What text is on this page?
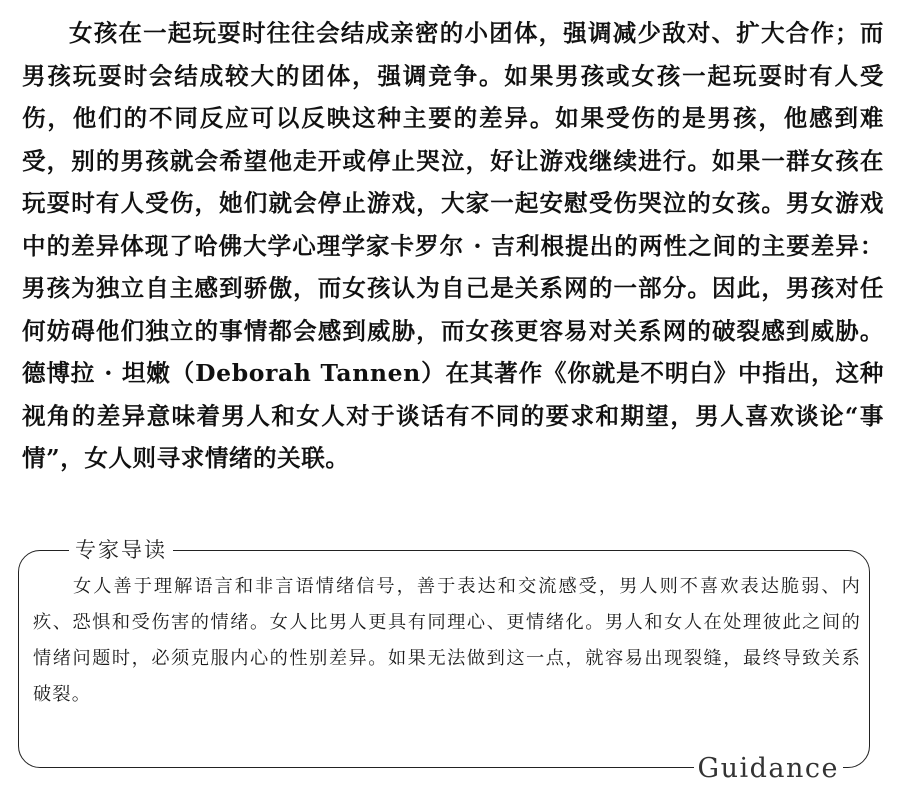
女孩在一起玩耍时往往会结成亲密的小团体，强调减少敌对、扩大合作；而男孩玩耍时会结成较大的团体，强调竞争。如果男孩或女孩一起玩耍时有人受伤，他们的不同反应可以反映这种主要的差异。如果受伤的是男孩，他感到难受，别的男孩就会希望他走开或停止哭泣，好让游戏继续进行。如果一群女孩在玩耍时有人受伤，她们就会停止游戏，大家一起安慰受伤哭泣的女孩。男女游戏中的差异体现了哈佛大学心理学家卡罗尔 · 吉利根提出的两性之间的主要差异：男孩为独立自主感到骄傲，而女孩认为自己是关系网的一部分。因此，男孩对任何妨碍他们独立的事情都会感到威胁，而女孩更容易对关系网的破裂感到威胁。德博拉 · 坦嫩（Deborah Tannen）在其著作《你就是不明白》中指出，这种视角的差异意味着男人和女人对于谈话有不同的要求和期望，男人喜欢谈论“事情”，女人则寻求情绪的关联。

专家导读

女人善于理解语言和非言语情绪信号，善于表达和交流感受，男人则不喜欢表达脆弱、内疚、恐惧和受伤害的情绪。女人比男人更具有同理心、更情绪化。男人和女人在处理彼此之间的情绪问题时，必须克服内心的性别差异。如果无法做到这一点，就容易出现裂缝，最终导致关系破裂。

Guidance
